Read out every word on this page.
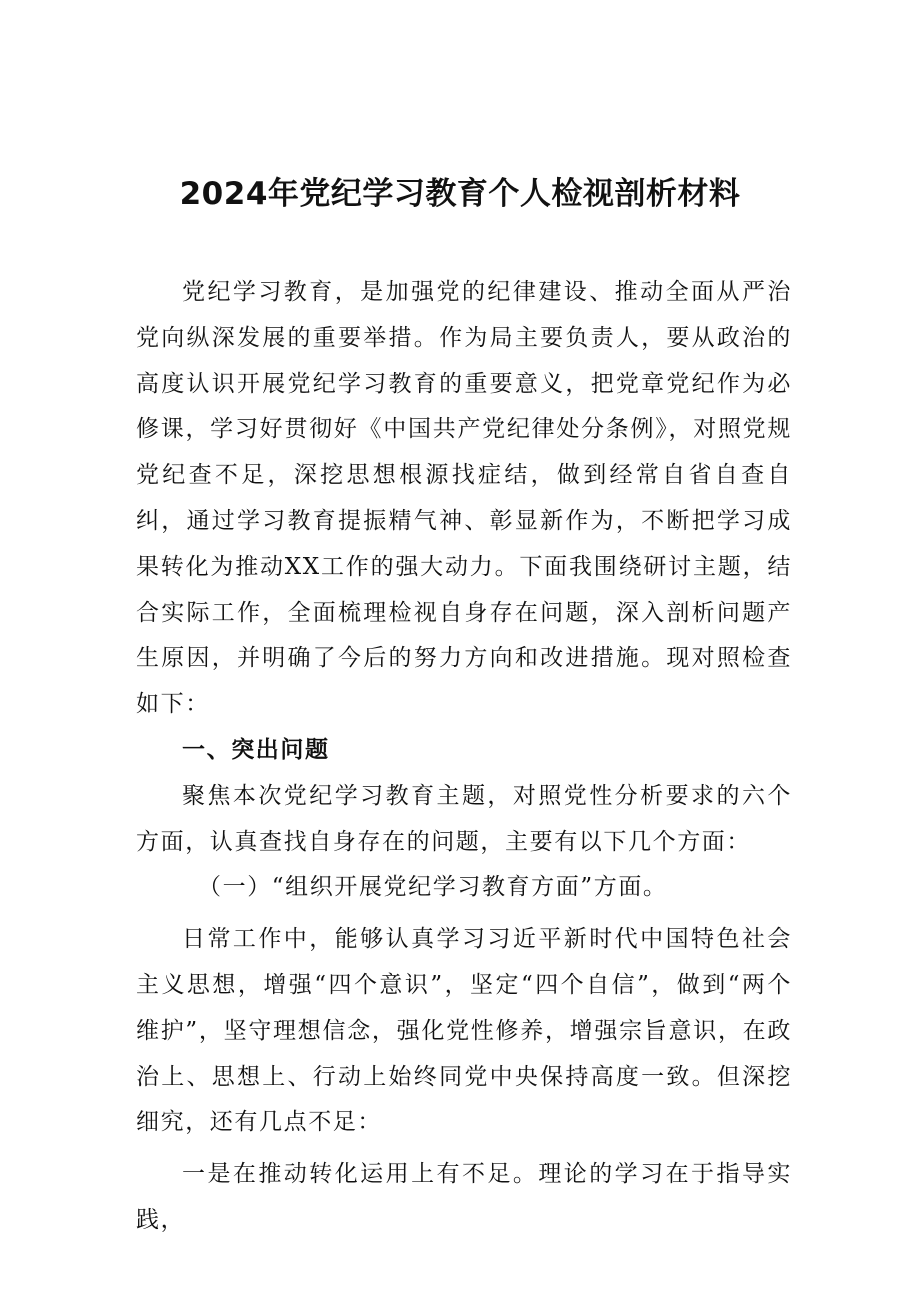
2024年党纪学习教育个人检视剖析材料

党纪学习教育，是加强党的纪律建设、推动全面从严治党向纵深发展的重要举措。作为局主要负责人，要从政治的高度认识开展党纪学习教育的重要意义，把党章党纪作为必修课，学习好贯彻好《中国共产党纪律处分条例》，对照党规党纪查不足，深挖思想根源找症结，做到经常自省自查自纠，通过学习教育提振精气神、彰显新作为，不断把学习成果转化为推动XX工作的强大动力。下面我围绕研讨主题，结合实际工作，全面梳理检视自身存在问题，深入剖析问题产生原因，并明确了今后的努力方向和改进措施。现对照检查如下：

一、突出问题

聚焦本次党纪学习教育主题，对照党性分析要求的六个方面，认真查找自身存在的问题，主要有以下几个方面：

（一）“组织开展党纪学习教育方面”方面。

日常工作中，能够认真学习习近平新时代中国特色社会主义思想，增强“四个意识”，坚定“四个自信”，做到“两个维护”，坚守理想信念，强化党性修养，增强宗旨意识，在政治上、思想上、行动上始终同党中央保持高度一致。但深挖细究，还有几点不足：

一是在推动转化运用上有不足。理论的学习在于指导实践，
